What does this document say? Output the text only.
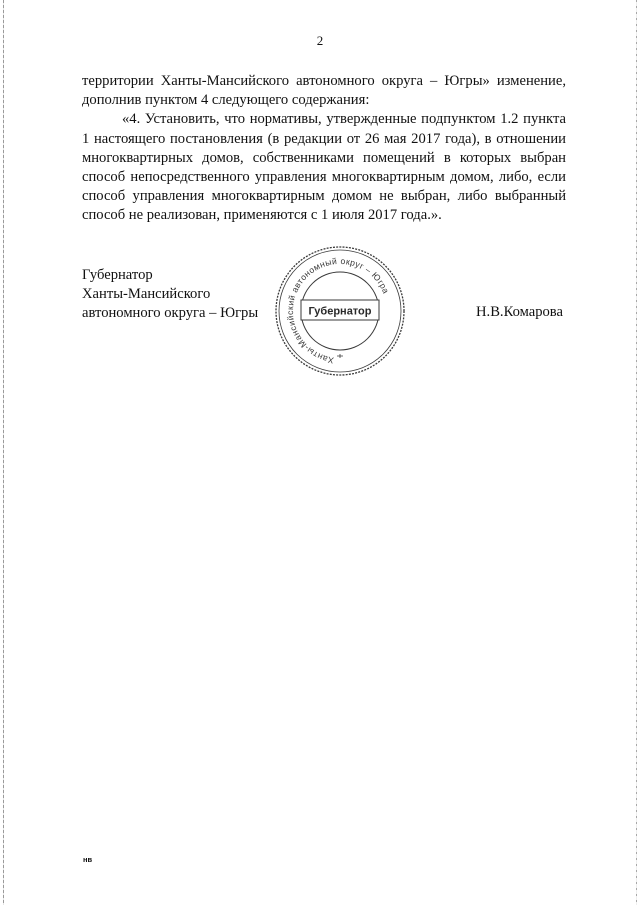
2

территории Ханты-Мансийского автономного округа – Югры» изменение, дополнив пунктом 4 следующего содержания:

«4. Установить, что нормативы, утвержденные подпунктом 1.2 пункта 1 настоящего постановления (в редакции от 26 мая 2017 года), в отношении многоквартирных домов, собственниками помещений в которых выбран способ непосредственного управления многоквартирным домом, либо, если способ управления многоквартирным домом не выбран, либо выбранный способ не реализован, применяются с 1 июля 2017 года.».

Губернатор
Ханты-Мансийского
автономного округа – Югры
Ханты-Мансийский автономный округ – Югра
Губернатор	Н.В.Комарова
нв
